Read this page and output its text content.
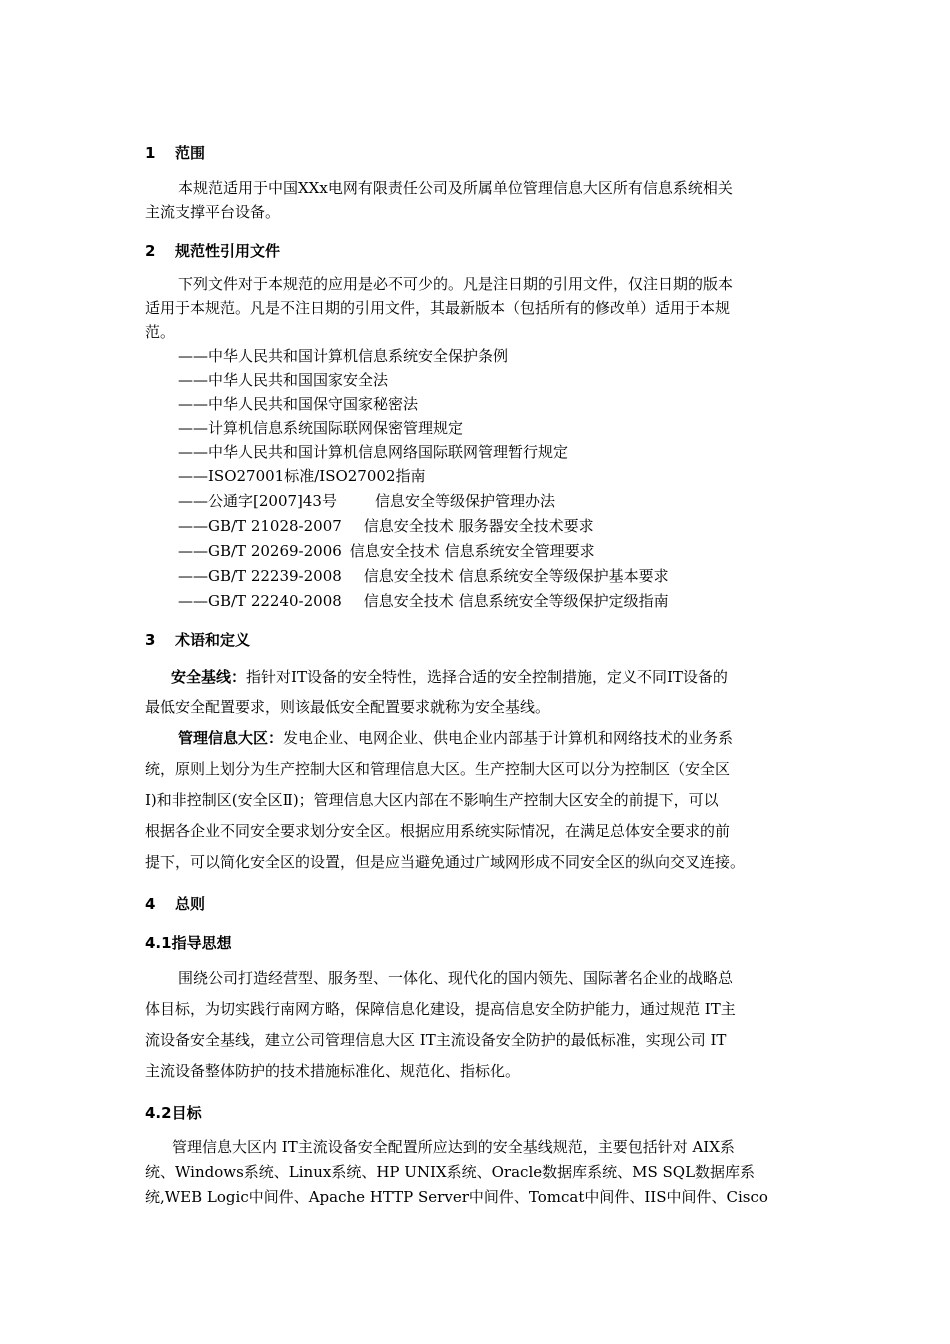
1 范围
本规范适用于中国XXx电网有限责任公司及所属单位管理信息大区所有信息系统相关
主流支撑平台设备。
2 规范性引用文件
下列文件对于本规范的应用是必不可少的。凡是注日期的引用文件，仅注日期的版本
适用于本规范。凡是不注日期的引用文件，其最新版本（包括所有的修改单）适用于本规
范。
——中华人民共和国计算机信息系统安全保护条例
——中华人民共和国国家安全法
——中华人民共和国保守国家秘密法
——计算机信息系统国际联网保密管理规定
——中华人民共和国计算机信息网络国际联网管理暂行规定
——ISO27001标准/ISO27002指南
——公通字[2007]43号	信息安全等级保护管理办法
——GB/T 21028-2007 信息安全技术 服务器安全技术要求
——GB/T 20269-2006 信息安全技术 信息系统安全管理要求
——GB/T 22239-2008 信息安全技术 信息系统安全等级保护基本要求
——GB/T 22240-2008 信息安全技术 信息系统安全等级保护定级指南
3 术语和定义
安全基线：指针对IT设备的安全特性，选择合适的安全控制措施，定义不同IT设备的
最低安全配置要求，则该最低安全配置要求就称为安全基线。
管理信息大区：发电企业、电网企业、供电企业内部基于计算机和网络技术的业务系
统，原则上划分为生产控制大区和管理信息大区。生产控制大区可以分为控制区（安全区
I)和非控制区(安全区Ⅱ)；管理信息大区内部在不影响生产控制大区安全的前提下，可以
根据各企业不同安全要求划分安全区。根据应用系统实际情况，在满足总体安全要求的前
提下，可以简化安全区的设置，但是应当避免通过广域网形成不同安全区的纵向交叉连接。
4 总则
4.1指导思想
围绕公司打造经营型、服务型、一体化、现代化的国内领先、国际著名企业的战略总
体目标，为切实践行南网方略，保障信息化建设，提高信息安全防护能力，通过规范 IT主
流设备安全基线，建立公司管理信息大区 IT主流设备安全防护的最低标准，实现公司 IT
主流设备整体防护的技术措施标准化、规范化、指标化。
4.2目标
管理信息大区内 IT主流设备安全配置所应达到的安全基线规范，主要包括针对 AIX系
统、Windows系统、Linux系统、HP UNIX系统、Oracle数据库系统、MS SQL数据库系
统,WEB Logic中间件、Apache HTTP Server中间件、Tomcat中间件、IIS中间件、Cisco
